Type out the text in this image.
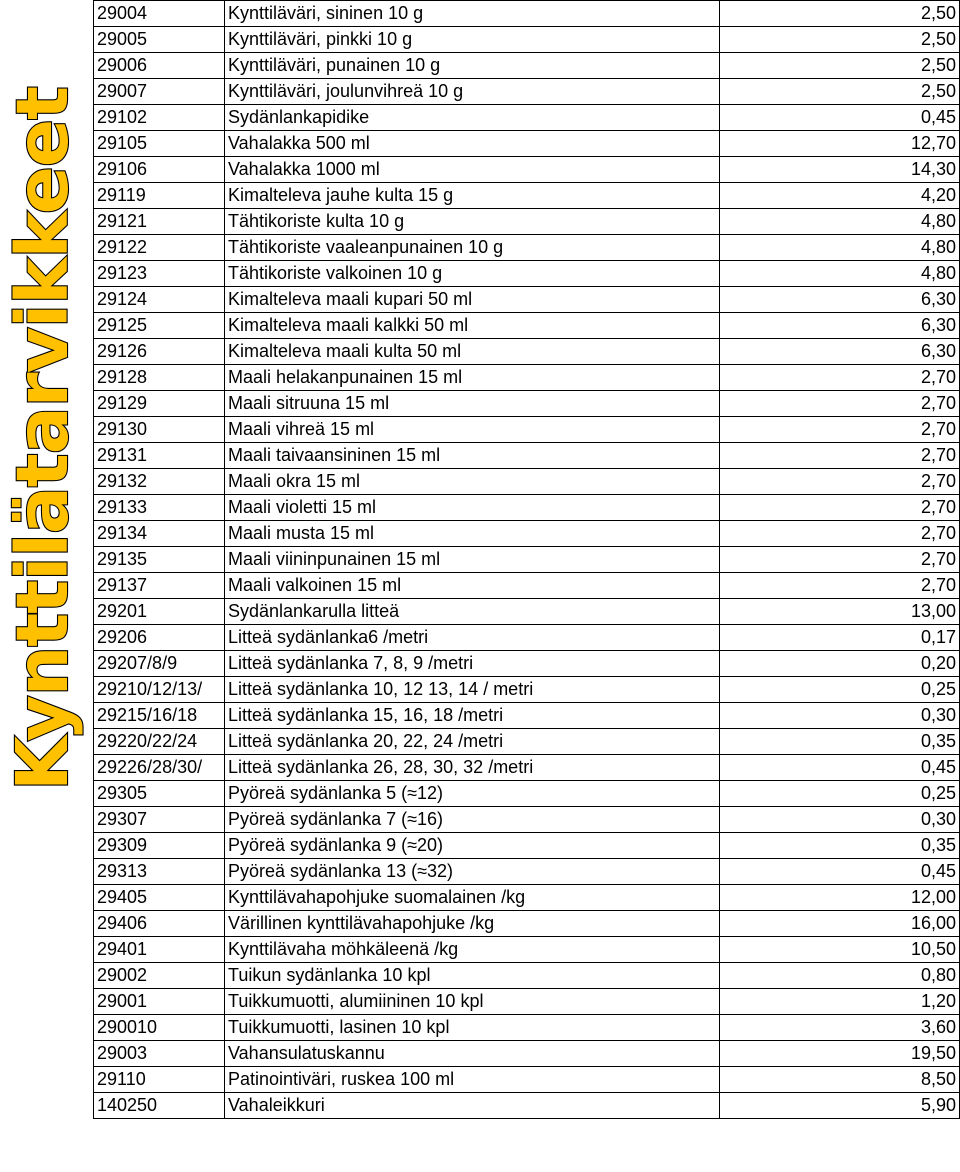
Kynttilätarvikkeet
29004	Kynttiläväri, sininen 10 g	2,50
29005	Kynttiläväri, pinkki 10 g	2,50
29006	Kynttiläväri, punainen 10 g	2,50
29007	Kynttiläväri, joulunvihreä 10 g	2,50
29102	Sydänlankapidike	0,45
29105	Vahalakka 500 ml	12,70
29106	Vahalakka 1000 ml	14,30
29119	Kimalteleva jauhe kulta 15 g	4,20
29121	Tähtikoriste kulta 10 g	4,80
29122	Tähtikoriste vaaleanpunainen 10 g	4,80
29123	Tähtikoriste valkoinen 10 g	4,80
29124	Kimalteleva maali kupari 50 ml	6,30
29125	Kimalteleva maali kalkki 50 ml	6,30
29126	Kimalteleva maali kulta 50 ml	6,30
29128	Maali helakanpunainen 15 ml	2,70
29129	Maali sitruuna 15 ml	2,70
29130	Maali vihreä 15 ml	2,70
29131	Maali taivaansininen 15 ml	2,70
29132	Maali okra 15 ml	2,70
29133	Maali violetti 15 ml	2,70
29134	Maali musta 15 ml	2,70
29135	Maali viininpunainen 15 ml	2,70
29137	Maali valkoinen 15 ml	2,70
29201	Sydänlankarulla litteä	13,00
29206	Litteä sydänlanka6 /metri	0,17
29207/8/9	Litteä sydänlanka 7, 8, 9 /metri	0,20
29210/12/13/	Litteä sydänlanka 10, 12 13, 14 / metri	0,25
29215/16/18	Litteä sydänlanka 15, 16, 18 /metri	0,30
29220/22/24	Litteä sydänlanka 20, 22, 24 /metri	0,35
29226/28/30/	Litteä sydänlanka 26, 28, 30, 32 /metri	0,45
29305	Pyöreä sydänlanka 5 (≈12)	0,25
29307	Pyöreä sydänlanka 7 (≈16)	0,30
29309	Pyöreä sydänlanka 9 (≈20)	0,35
29313	Pyöreä sydänlanka 13 (≈32)	0,45
29405	Kynttilävahapohjuke suomalainen /kg	12,00
29406	Värillinen kynttilävahapohjuke /kg	16,00
29401	Kynttilävaha möhkäleenä /kg	10,50
29002	Tuikun sydänlanka 10 kpl	0,80
29001	Tuikkumuotti, alumiininen 10 kpl	1,20
290010	Tuikkumuotti, lasinen 10 kpl	3,60
29003	Vahansulatuskannu	19,50
29110	Patinointiväri, ruskea 100 ml	8,50
140250	Vahaleikkuri	5,90
